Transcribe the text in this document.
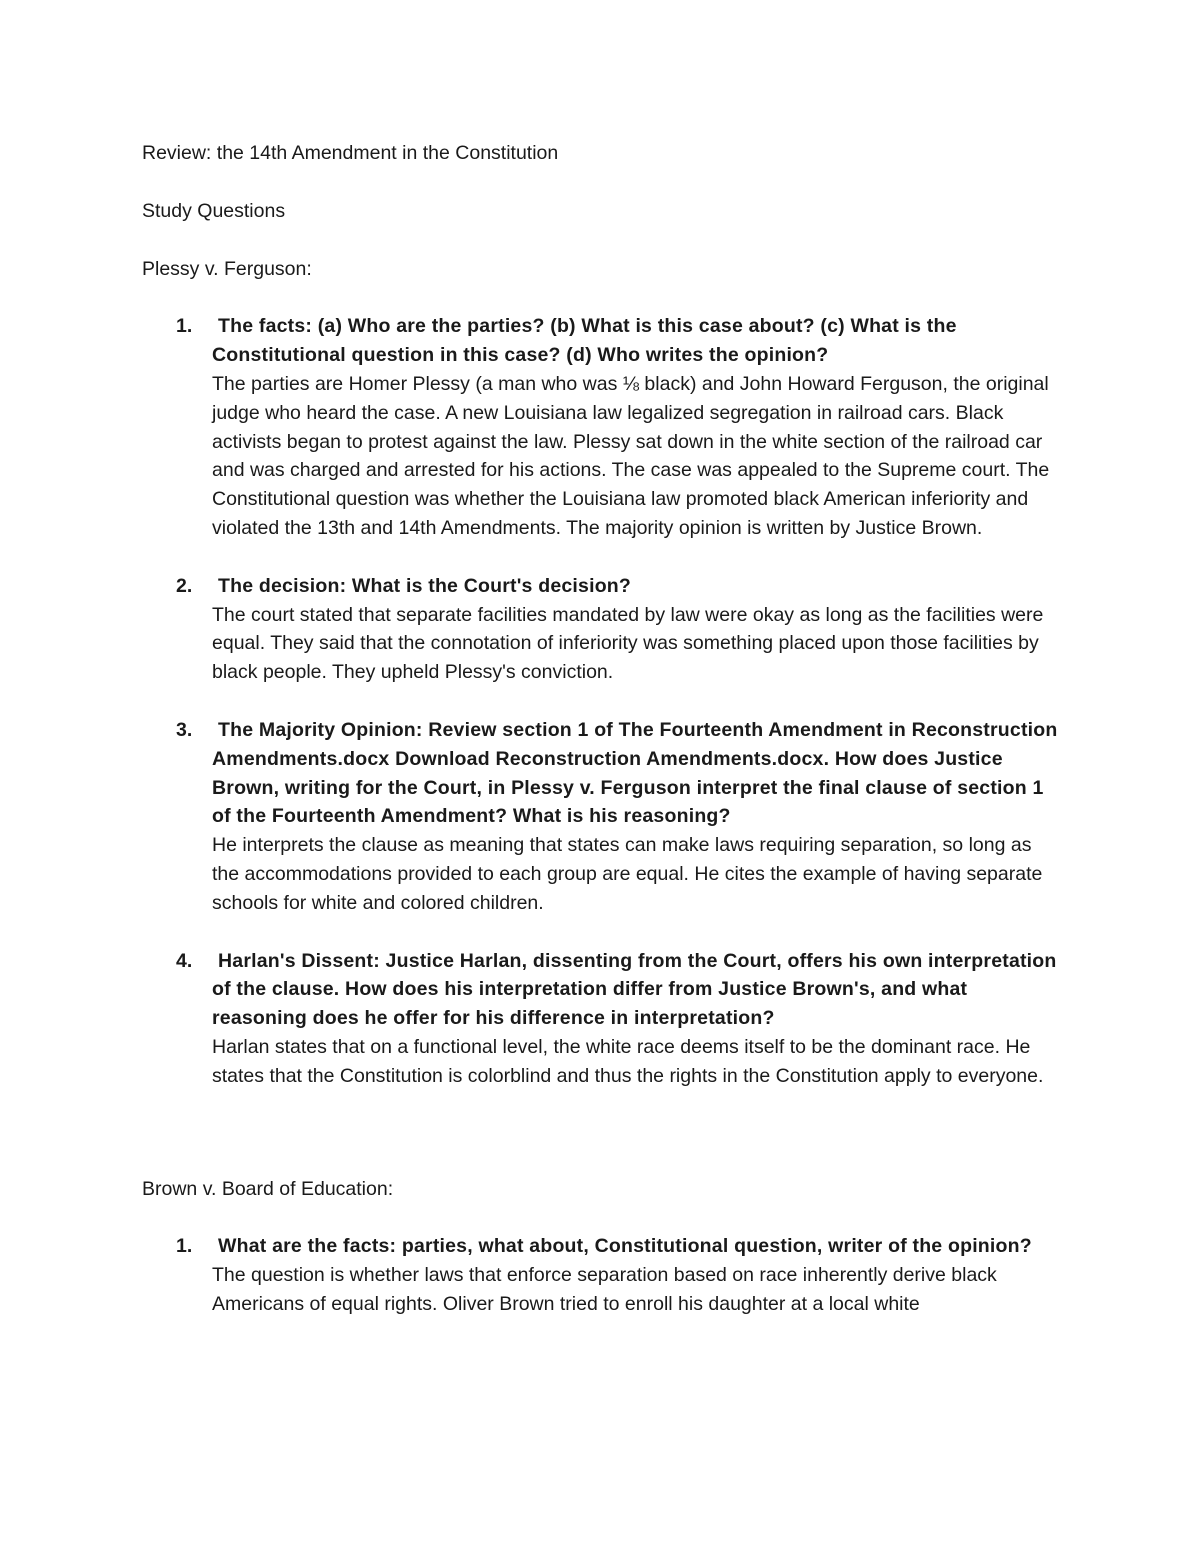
Review: the 14th Amendment in the Constitution

Study Questions

Plessy v. Ferguson:

1.	The facts: (a) Who are the parties? (b) What is this case about? (c) What is the Constitutional question in this case? (d) Who writes the opinion?
The parties are Homer Plessy (a man who was ⅛ black) and John Howard Ferguson, the original judge who heard the case. A new Louisiana law legalized segregation in railroad cars. Black activists began to protest against the law. Plessy sat down in the white section of the railroad car and was charged and arrested for his actions. The case was appealed to the Supreme court. The Constitutional question was whether the Louisiana law promoted black American inferiority and violated the 13th and 14th Amendments. The majority opinion is written by Justice Brown.
2.	The decision: What is the Court's decision?
The court stated that separate facilities mandated by law were okay as long as the facilities were equal. They said that the connotation of inferiority was something placed upon those facilities by black people. They upheld Plessy's conviction.
3.	The Majority Opinion: Review section 1 of The Fourteenth Amendment in Reconstruction Amendments.docx Download Reconstruction Amendments.docx. How does Justice Brown, writing for the Court, in Plessy v. Ferguson interpret the final clause of section 1 of the Fourteenth Amendment? What is his reasoning?
He interprets the clause as meaning that states can make laws requiring separation, so long as the accommodations provided to each group are equal. He cites the example of having separate schools for white and colored children.
4.	Harlan's Dissent: Justice Harlan, dissenting from the Court, offers his own interpretation of the clause. How does his interpretation differ from Justice Brown's, and what reasoning does he offer for his difference in interpretation?
Harlan states that on a functional level, the white race deems itself to be the dominant race. He states that the Constitution is colorblind and thus the rights in the Constitution apply to everyone.

Brown v. Board of Education:

1.	What are the facts: parties, what about, Constitutional question, writer of the opinion?
The question is whether laws that enforce separation based on race inherently derive black Americans of equal rights. Oliver Brown tried to enroll his daughter at a local white
